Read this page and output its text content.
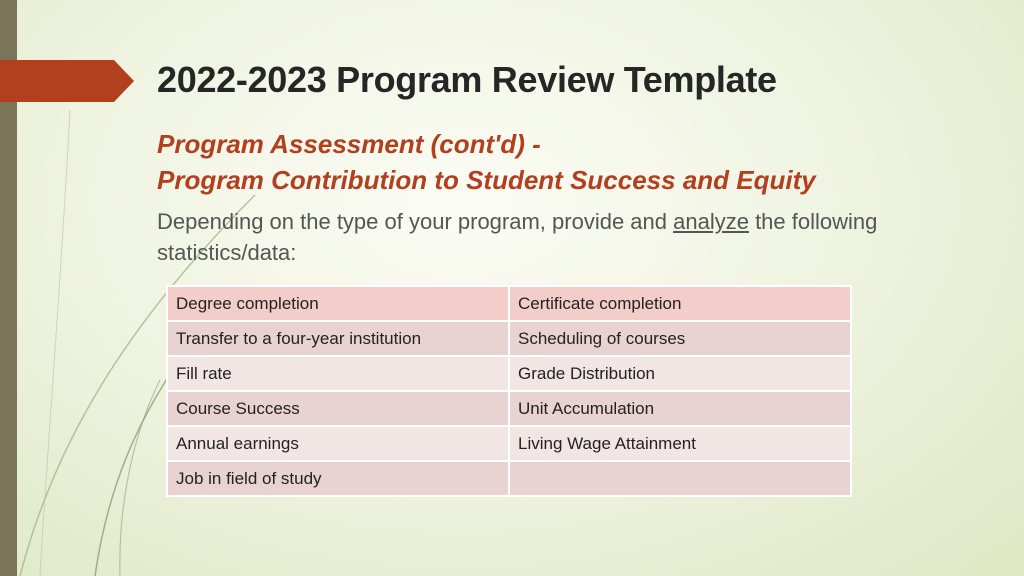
2022-2023 Program Review Template
Program Assessment (cont'd) -
Program Contribution to Student Success and Equity
Depending on the type of your program, provide and analyze the following statistics/data:
Degree completion	Certificate completion
Transfer to a four-year institution	Scheduling of courses
Fill rate	Grade Distribution
Course Success	Unit Accumulation
Annual earnings	Living Wage Attainment
Job in field of study	
